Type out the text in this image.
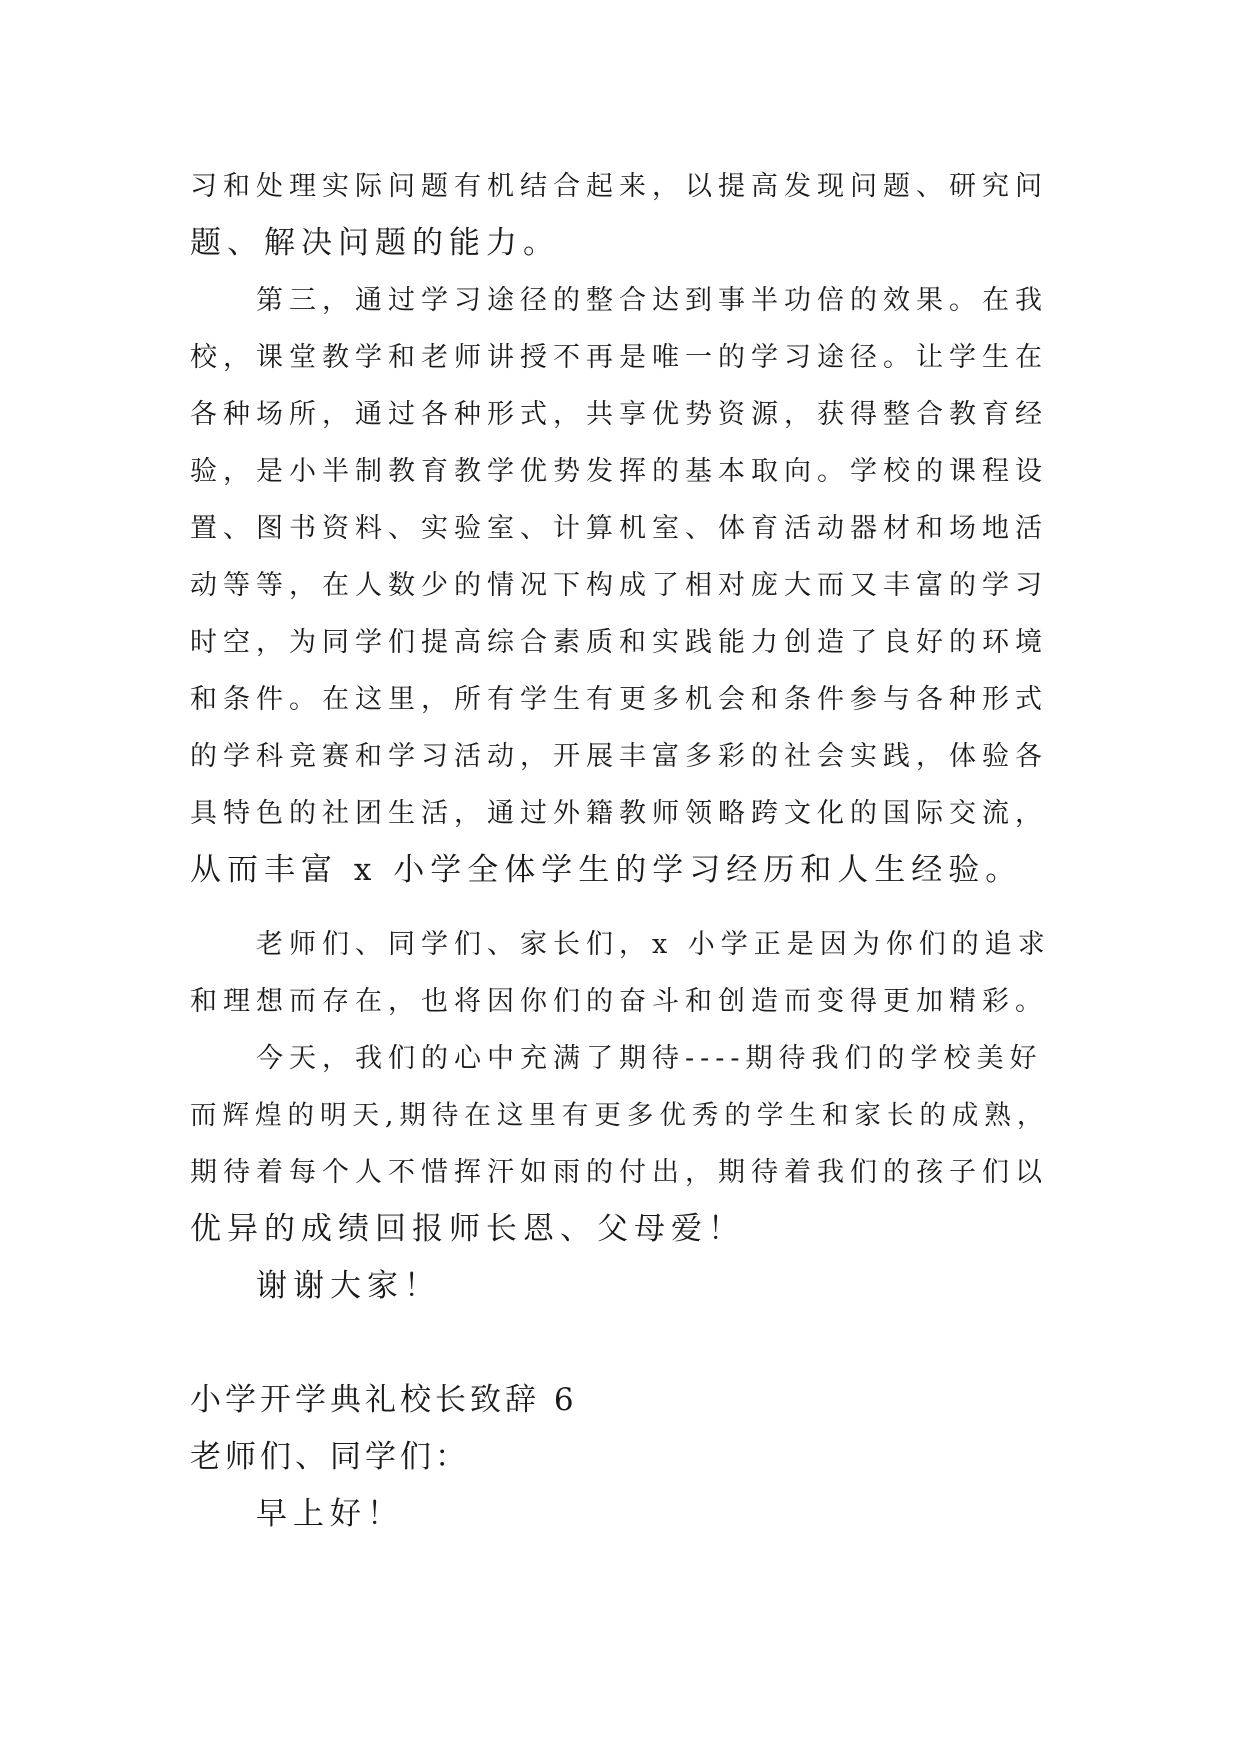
习和处理实际问题有机结合起来，以提高发现问题、研究问
题、解决问题的能力。

第三，通过学习途径的整合达到事半功倍的效果。在我
校，课堂教学和老师讲授不再是唯一的学习途径。让学生在
各种场所，通过各种形式，共享优势资源，获得整合教育经
验，是小半制教育教学优势发挥的基本取向。学校的课程设
置、图书资料、实验室、计算机室、体育活动器材和场地活
动等等，在人数少的情况下构成了相对庞大而又丰富的学习
时空，为同学们提高综合素质和实践能力创造了良好的环境
和条件。在这里，所有学生有更多机会和条件参与各种形式
的学科竞赛和学习活动，开展丰富多彩的社会实践，体验各
具特色的社团生活，通过外籍教师领略跨文化的国际交流，
从而丰富 x 小学全体学生的学习经历和人生经验。

老师们、同学们、家长们，x 小学正是因为你们的追求
和理想而存在，也将因你们的奋斗和创造而变得更加精彩。

今天，我们的心中充满了期待----期待我们的学校美好
而辉煌的明天,期待在这里有更多优秀的学生和家长的成熟，
期待着每个人不惜挥汗如雨的付出，期待着我们的孩子们以
优异的成绩回报师长恩、父母爱！

谢谢大家！

小学开学典礼校长致辞 6

老师们、同学们：

早上好！
